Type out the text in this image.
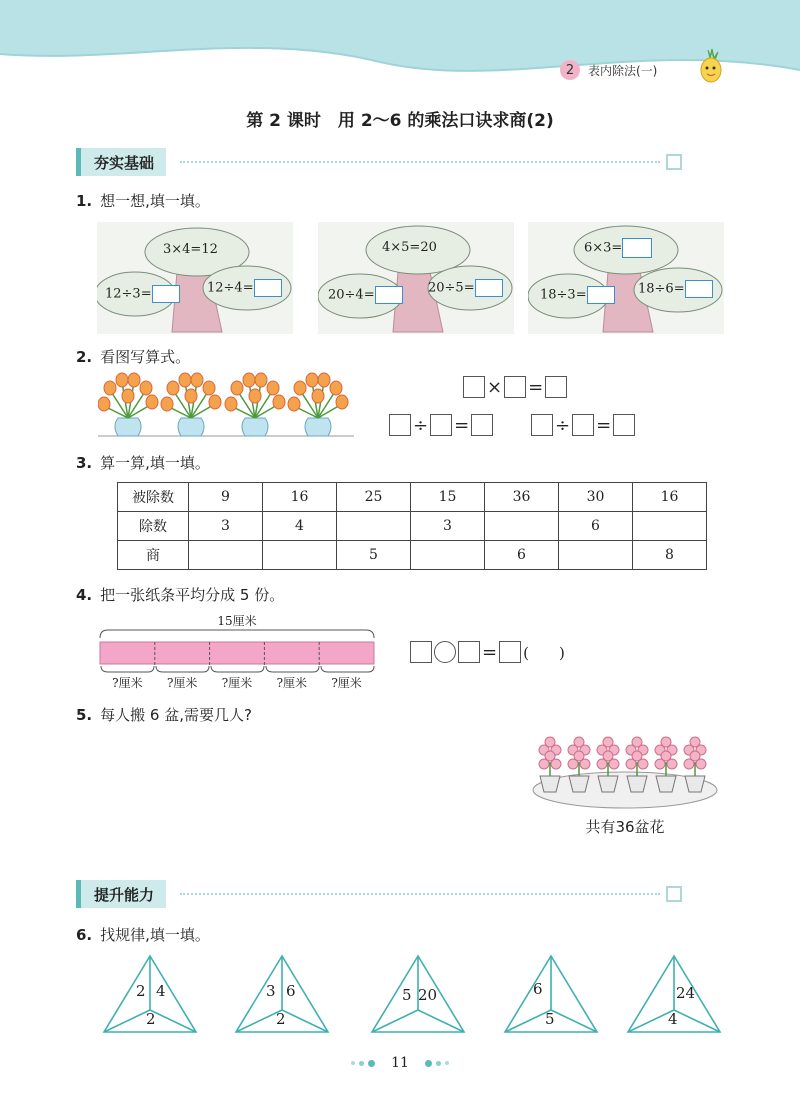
2	表内除法(一)
第 2 课时　用 2～6 的乘法口诀求商(2)
夯实基础
1. 想一想,填一填。
3×4=12
12÷3=	12÷4=
4×5=20
20÷4=	20÷5=
6×3=
18÷3=	18÷6=
2. 看图写算式。
× =
÷ =	÷ =
3. 算一算,填一填。
被除数	9	16	25	15	36	30	16
除数	3	4		3		6	
商			5		6		8
4. 把一张纸条平均分成 5 份。
15厘米
?厘米	?厘米	?厘米	?厘米	?厘米
= (　　)
5. 每人搬 6 盆,需要几人?
共有36盆花
提升能力
6. 找规律,填一填。
2 4
2
3 6
2
5 20	6
5
24
4
11
